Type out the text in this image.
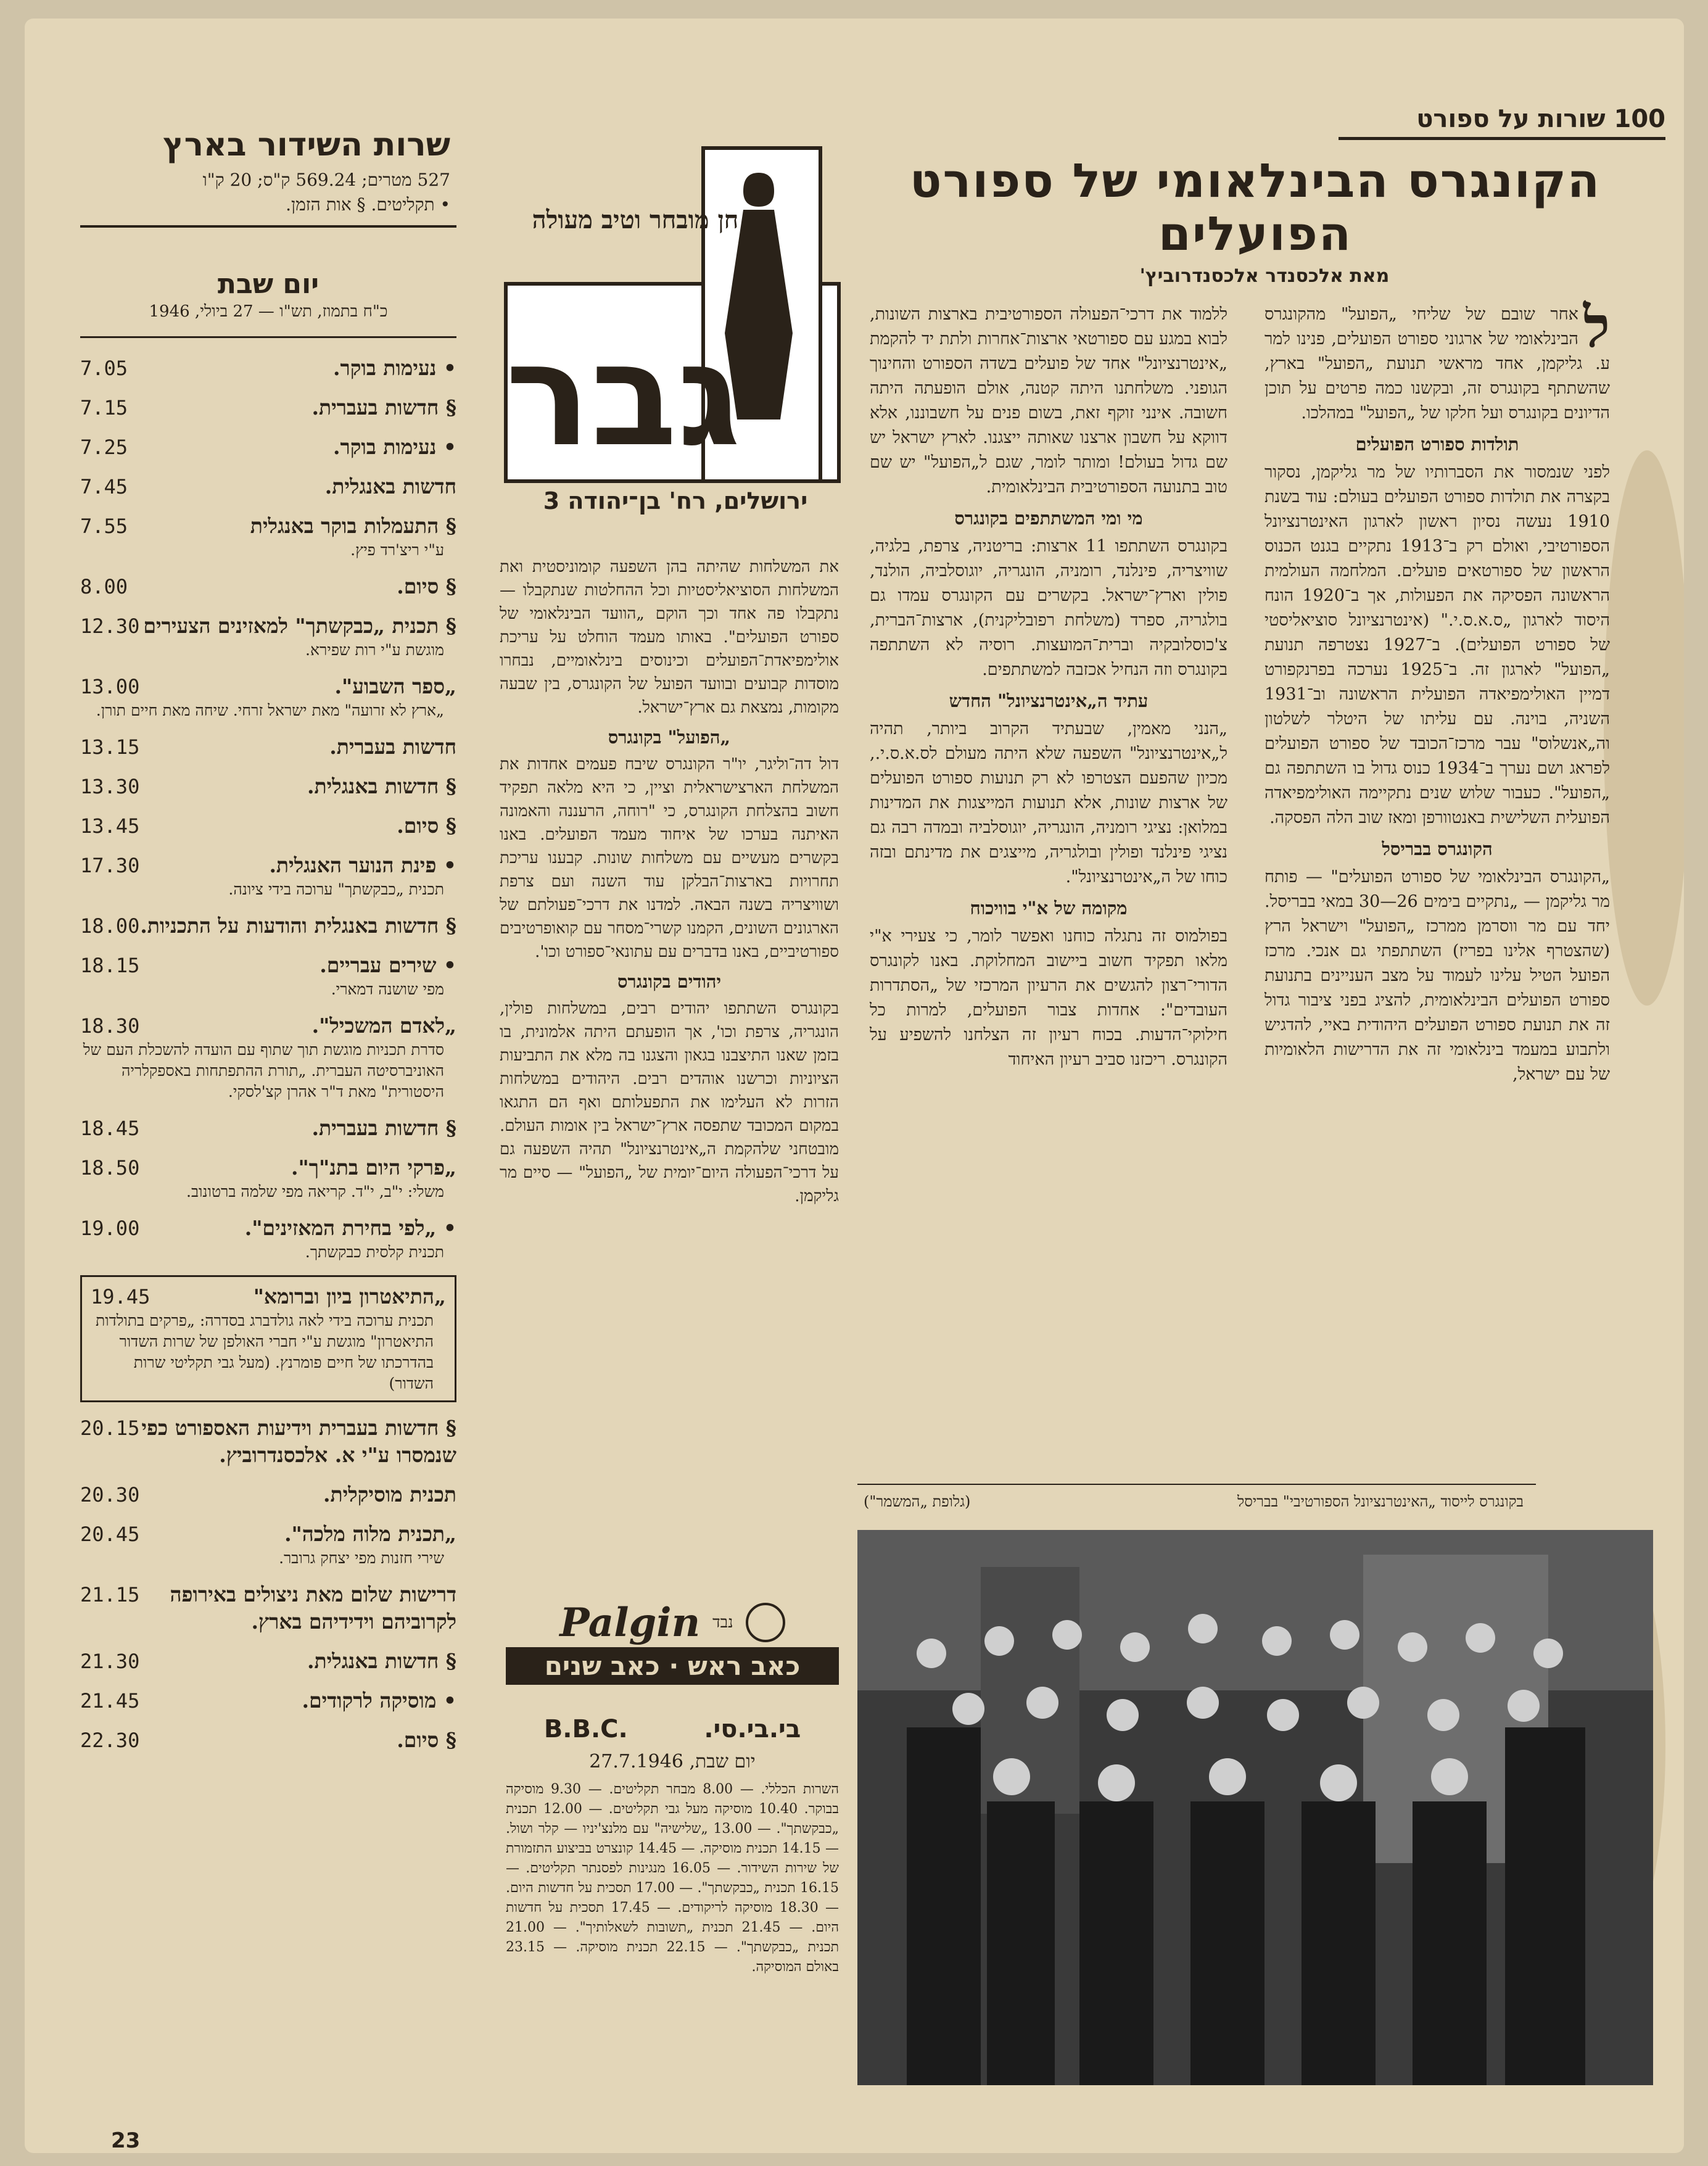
100 שורות על ספורט
הקונגרס הבינלאומי של ספורט
הפועלים
מאת אלכסנדר אלכסנדרוביץ'

ל
אחר שובם של שליחי „הפועל" מהקונגרס הבינלאומי של ארגוני ספורט הפועלים, פנינו למר ע. גליקמן, אחד מראשי תנועת „הפועל" בארץ, שהשתתף בקונגרס זה, ובקשנו כמה פרטים על תוכן הדיונים בקונגרס ועל חלקו של „הפועל" במהלכו.

תולדות ספורט הפועלים

לפני שנמסור את הסברותיו של מר גליקמן, נסקור בקצרה את תולדות ספורט הפועלים בעולם: עוד בשנת 1910 נעשה נסיון ראשון לארגון האינטרנציונל הספורטיבי, ואולם רק ב־1913 נתקיים בגנט הכנוס הראשון של ספורטאים פועלים. המלחמה העולמית הראשונה הפסיקה את הפעולות, אך ב־1920 הונח היסוד לארגון „ס.א.ס.י." (אינטרנציונל סוציאליסטי של ספורט הפועלים). ב־1927 נצטרפה תנועת „הפועל" לארגון זה. ב־1925 נערכה בפרנקפורט דמיין האולימפיאדה הפועלית הראשונה וב־1931 השניה, בוינה. עם עליתו של היטלר לשלטון וה„אנשלוס" עבר מרכז־הכובד של ספורט הפועלים לפראג ושם נערך ב־1934 כנוס גדול בו השתתפה גם „הפועל". כעבור שלוש שנים נתקיימה האולימפיאדה הפועלית השלישית באנטוורפן ומאז שוב הלה הפסקה.

הקונגרס בבריסל

„הקונגרס הבינלאומי של ספורט הפועלים" — פותח מר גליקמן — „נתקיים בימים 26—30 במאי בבריסל. יחד עם מר ווסרמן ממרכז „הפועל" וישראל הרץ (שהצטרף אלינו בפריז) השתתפתי גם אנכי. מרכז הפועל הטיל עלינו לעמוד על מצב העניינים בתנועת ספורט הפועלים הבינלאומית, להציג בפני ציבור גדול זה את תנועת ספורט הפועלים היהודית באיי, להדגיש ולתבוע במעמד בינלאומי זה את הדרישות הלאומיות של עם ישראל,

ללמוד את דרכי־הפעולה הספורטיבית בארצות השונות, לבוא במגע עם ספורטאי ארצות־אחרות ולתת יד להקמת „אינטרנציונל" אחד של פועלים בשדה הספורט והחינוך הגופני. משלחתנו היתה קטנה, אולם הופעתה היתה חשובה. אינני זוקף זאת, בשום פנים על חשבוננו, אלא דווקא על חשבון ארצנו שאותה ייצגנו. לארץ ישראל יש שם גדול בעולם! ומותר לומר, שגם ל„הפועל" יש שם טוב בתנועה הספורטיבית הבינלאומית.

מי ומי המשתתפים בקונגרס

בקונגרס השתתפו 11 ארצות: בריטניה, צרפת, בלגיה, שוויצריה, פינלנד, רומניה, הונגריה, יוגוסלביה, הולנד, פולין וארץ־ישראל. בקשרים עם הקונגרס עמדו גם בולגריה, ספרד (משלחת רפובליקנית), ארצות־הברית, צ'כוסלובקיה וברית־המועצות. רוסיה לא השתתפה בקונגרס וזה הנחיל אכזבה למשתתפים.

עתיד ה„אינטרנציונל" החדש

„הנני מאמין, שבעתיד הקרוב ביותר, תהיה ל„אינטרנציונל" השפעה שלא היתה מעולם לס.א.ס.י., מכיון שהפעם הצטרפו לא רק תנועות ספורט הפועלים של ארצות שונות, אלא תנועות המייצגות את המדינות במלואן: נציגי רומניה, הונגריה, יוגוסלביה ובמדה רבה גם נציגי פינלנד ופולין ובולגריה, מייצגים את מדינתם ובזה כוחו של ה„אינטרנציונל".

מקומה של א"י בוויכוח

בפולמוס זה נתגלה כוחנו ואפשר לומר, כי צעירי א"י מלאו תפקיד חשוב ביישוב המחלוקת. באנו לקונגרס הדורי־רצון להגשים את הרעיון המרכזי של „הסתדרות העובדים": אחדות צבור הפועלים, למרות כל חילוקי־הדעות. בכוח רעיון זה הצלחנו להשפיע על הקונגרס. ריכזנו סביב רעיון האיחוד

את המשלחות שהיתה בהן השפעה קומוניסטית ואת המשלחות הסוציאליסטיות וכל ההחלטות שנתקבלו — נתקבלו פה אחד וכך הוקם „הוועד הבינלאומי של ספורט הפועלים". באותו מעמד הוחלט על עריכת אולימפיאדת־הפועלים וכינוסים בינלאומיים, נבחרו מוסדות קבועים ובוועד הפועל של הקונגרס, בין שבעה מקומות, נמצאת גם ארץ־ישראל.

„הפועל" בקונגרס

דול דה־וליגר, יו"ר הקונגרס שיבח פעמים אחדות את המשלחת הארצישראלית וציין, כי היא מלאה תפקיד חשוב בהצלחת הקונגרס, כי "רוחה, הרעננה והאמונה האיתנה בערכו של איחוד מעמד הפועלים. באנו בקשרים מעשיים עם משלחות שונות. קבענו עריכת תחרויות בארצות־הבלקן עוד השנה ועם צרפת ושוויצריה בשנה הבאה. למדנו את דרכי־פעולתם של הארגונים השונים, הקמנו קשרי־מסחר עם קואופרטיבים ספורטיביים, באנו בדברים עם עתונאי־ספורט וכו'.

יהודים בקונגרס

בקונגרס השתתפו יהודים רבים, במשלחות פולין, הונגריה, צרפת וכו', אך הופעתם היתה אלמונית, בו בזמן שאנו התיצבנו בגאון והצגנו בה מלא את התביעות הציוניות וכרשנו אוהדים רבים. היהודים במשלחות הזרות לא העלימו את התפעלותם ואף הם התגאו במקום המכובד שתפסה ארץ־ישראל בין אומות העולם. מובטחני שלהקמת ה„אינטרנציונל" תהיה השפעה גם על דרכי־הפעולה היום־יומית של „הפועל" — סיים מר גליקמן.

בקונגרס לייסוד „האינטרנציונל הספורטיבי" בבריסל
(גלופת „המשמר")
חן מובחר וטיב מעולה
גבר
ירושלים, רח' בן־יהודה 3
Palgin נבד
כאב ראש · כאב שנים
בי.בי.סי.
B.B.C.
יום שבת, 27.7.1946
השרות הכללי. — 8.00 מבחר תקליטים. — 9.30 מוסיקה בבוקר. 10.40 מוסיקה מעל גבי תקליטים. — 12.00 תכנית „כבקשתך". — 13.00 „שלישיה" עם מלנצ'יניו — קלר ושול. — 14.15 תכנית מוסיקה. — 14.45 קונצרט בביצוע התזמורת של שירות השידור. — 16.05 מנגינות לפסנתר תקליטים. — 16.15 תכנית „כבקשתך". — 17.00 תסכית על חדשות היום. — 18.30 מוסיקה לריקודים. — 17.45 תסכית על חדשות היום. — 21.45 תכנית „תשובות לשאלותיך". — 21.00 תכנית „כבקשתך". — 22.15 תכנית מוסיקה. — 23.15 באולם המוסיקה.
שרות השידור בארץ
527 מטרים; 569.24 ק"ס; 20 ק"ו
• תקליטים. § אות הזמן.
יום שבת
כ"ח בתמוז, תש"ו — 27 ביולי, 1946
• נעימות בוקר.
7.05
§ חדשות בעברית.
7.15
• נעימות בוקר.
7.25
חדשות באנגלית.
7.45
§ התעמלות בוקר באנגלית
7.55
ע"י ריצ'רד פיץ.
§ סיום.
8.00
§ תכנית „כבקשתך" למאזינים הצעירים
12.30
מוגשת ע"י רות שפירא.
„ספר השבוע".
13.00
„ארץ לא זרועה" מאת ישראל זרחי. שיחה מאת חיים תורן.
חדשות בעברית.
13.15
§ חדשות באנגלית.
13.30
§ סיום.
13.45
• פינת הנוער האנגלית.
17.30
תכנית „כבקשתך" ערוכה בידי ציונה.
§ חדשות באנגלית והודעות על התכניות.
18.00
• שירים עבריים.
18.15
מפי שושנה דמארי.
„לאדם המשכיל".
18.30
סדרת תכניות מוגשת תוך שתוף עם הועדה להשכלת העם של האוניברסיטה העברית. „תורת ההתפתחות באספקלריה היסטורית" מאת ד"ר אהרן קצ'לסקי.
§ חדשות בעברית.
18.45
„פרקי היום בתנ"ך".
18.50
משלי: י"ב, י"ד. קריאה מפי שלמה ברטונוב.
• „לפי בחירת המאזינים".
19.00
תכנית קלסית כבקשתך.
„התיאטרון ביון וברומא"
19.45
תכנית ערוכה בידי לאה גולדברג בסדרה: „פרקים בתולדות התיאטרון" מוגשת ע"י חברי האולפן של שרות השדור בהדרכתו של חיים פומרנץ. (מעל גבי תקליטי שרות השדור)
§ חדשות בעברית וידיעות האספורט כפי שנמסרו ע"י א. אלכסנדרוביץ.
20.15
תכנית מוסיקלית.
20.30
„תכנית מלוה מלכה".
20.45
שירי חזנות מפי יצחק גרובר.
דרישות שלום מאת ניצולים באירופה לקרוביהם וידידיהם בארץ.
21.15
§ חדשות באנגלית.
21.30
• מוסיקה לרקודים.
21.45
§ סיום.
22.30
23
